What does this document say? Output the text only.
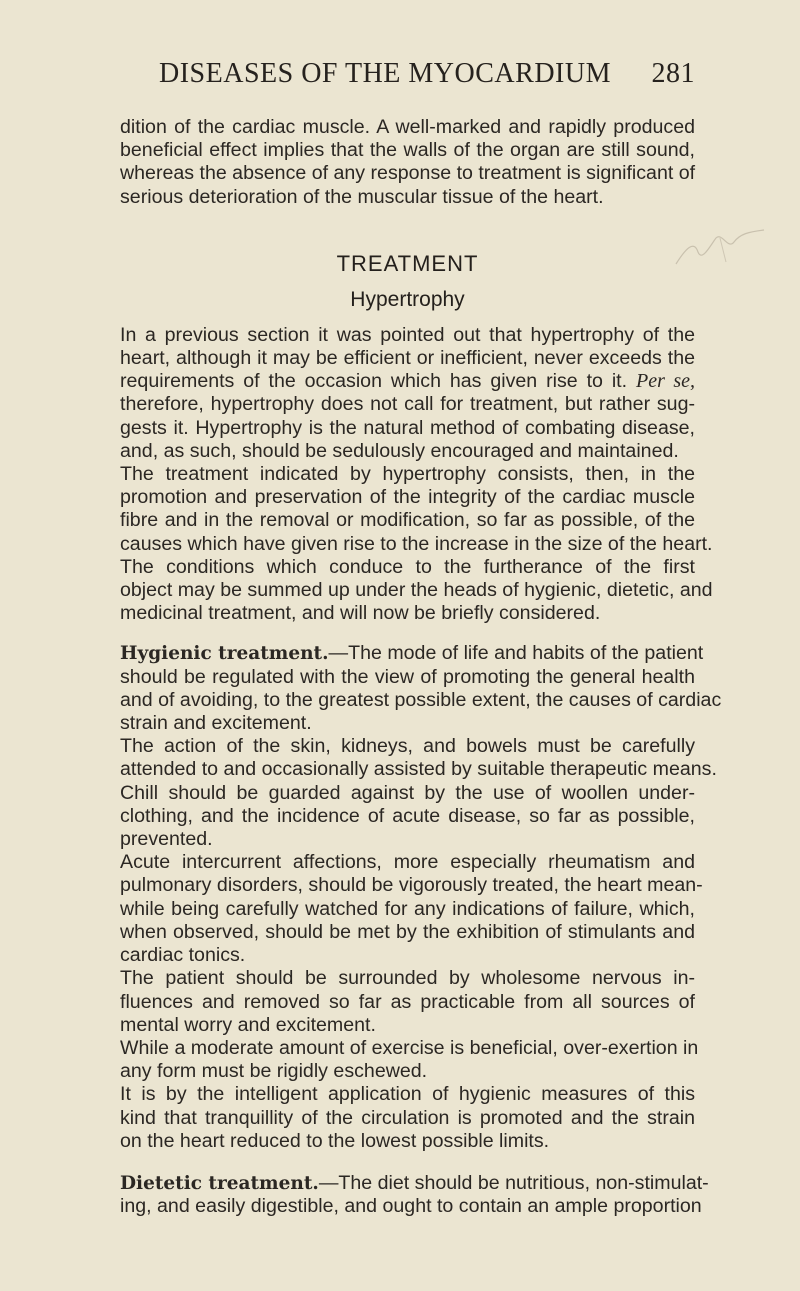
DISEASES OF THE MYOCARDIUM	281
dition of the cardiac muscle. A well-marked and rapidly produced
beneficial effect implies that the walls of the organ are still sound,
whereas the absence of any response to treatment is significant of
serious deterioration of the muscular tissue of the heart.
TREATMENT
Hypertrophy
In a previous section it was pointed out that hypertrophy of the
heart, although it may be efficient or inefficient, never exceeds the
requirements of the occasion which has given rise to it. Per se,
therefore, hypertrophy does not call for treatment, but rather sug-
gests it. Hypertrophy is the natural method of combating disease,
and, as such, should be sedulously encouraged and maintained.
The treatment indicated by hypertrophy consists, then, in the
promotion and preservation of the integrity of the cardiac muscle
fibre and in the removal or modification, so far as possible, of the
causes which have given rise to the increase in the size of the heart.
The conditions which conduce to the furtherance of the first
object may be summed up under the heads of hygienic, dietetic, and
medicinal treatment, and will now be briefly considered.
Hygienic treatment.—The mode of life and habits of the patient
should be regulated with the view of promoting the general health
and of avoiding, to the greatest possible extent, the causes of cardiac
strain and excitement.
The action of the skin, kidneys, and bowels must be carefully
attended to and occasionally assisted by suitable therapeutic means.
Chill should be guarded against by the use of woollen under-
clothing, and the incidence of acute disease, so far as possible,
prevented.
Acute intercurrent affections, more especially rheumatism and
pulmonary disorders, should be vigorously treated, the heart mean-
while being carefully watched for any indications of failure, which,
when observed, should be met by the exhibition of stimulants and
cardiac tonics.
The patient should be surrounded by wholesome nervous in-
fluences and removed so far as practicable from all sources of
mental worry and excitement.
While a moderate amount of exercise is beneficial, over-exertion in
any form must be rigidly eschewed.
It is by the intelligent application of hygienic measures of this
kind that tranquillity of the circulation is promoted and the strain
on the heart reduced to the lowest possible limits.
Dietetic treatment.—The diet should be nutritious, non-stimulat-
ing, and easily digestible, and ought to contain an ample proportion
